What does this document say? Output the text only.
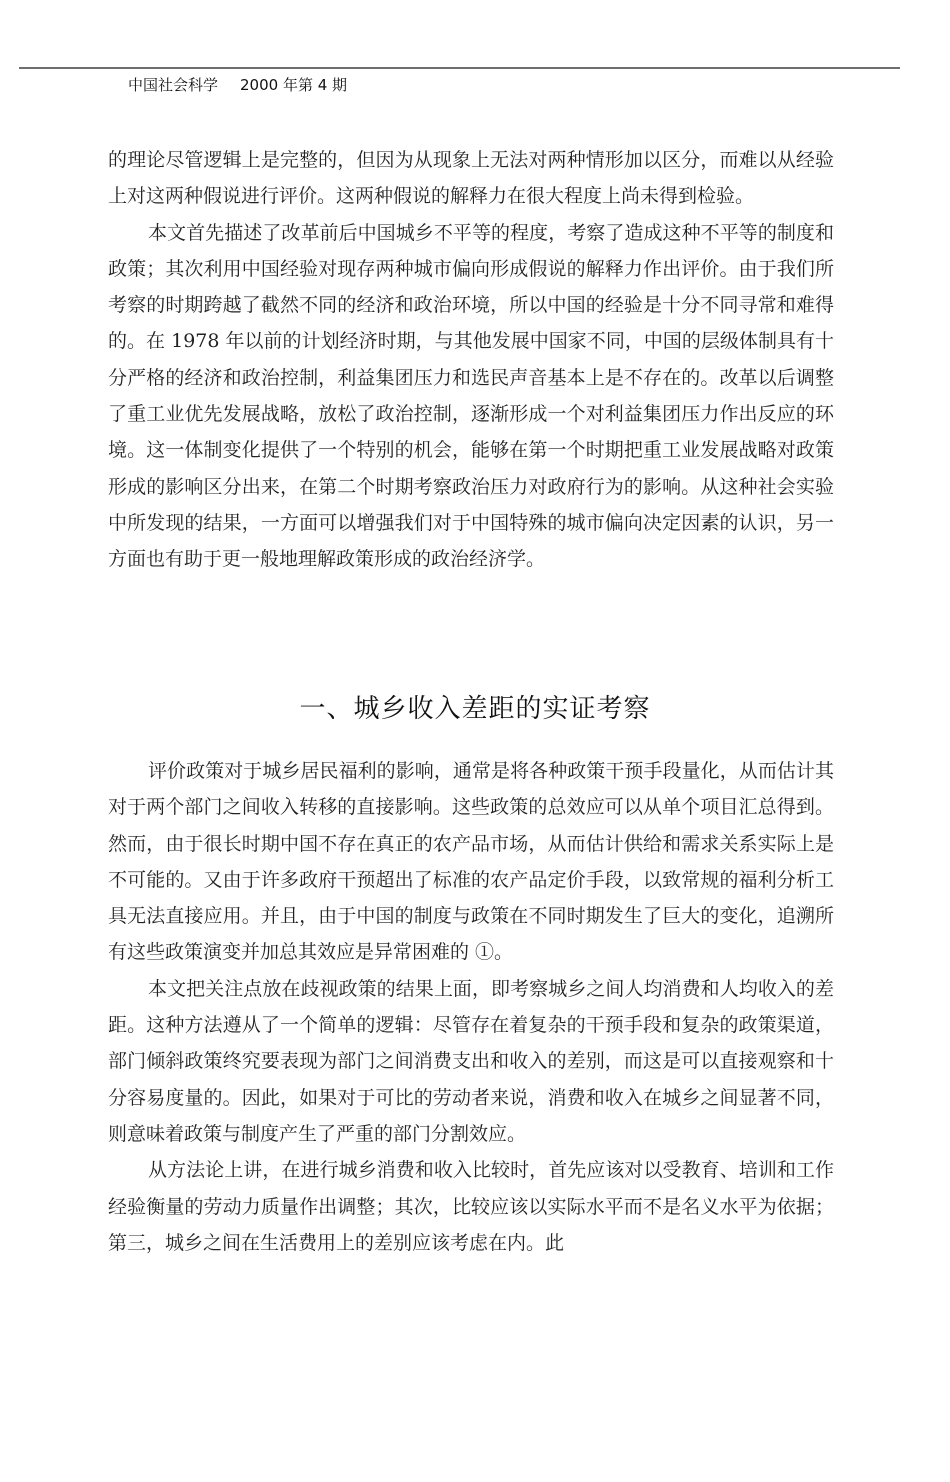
中国社会科学 2000 年第 4 期

的理论尽管逻辑上是完整的，但因为从现象上无法对两种情形加以区分，而难以从经验上对这两种假说进行评价。这两种假说的解释力在很大程度上尚未得到检验。

本文首先描述了改革前后中国城乡不平等的程度，考察了造成这种不平等的制度和政策；其次利用中国经验对现存两种城市偏向形成假说的解释力作出评价。由于我们所考察的时期跨越了截然不同的经济和政治环境，所以中国的经验是十分不同寻常和难得的。在 1978 年以前的计划经济时期，与其他发展中国家不同，中国的层级体制具有十分严格的经济和政治控制，利益集团压力和选民声音基本上是不存在的。改革以后调整了重工业优先发展战略，放松了政治控制，逐渐形成一个对利益集团压力作出反应的环境。这一体制变化提供了一个特别的机会，能够在第一个时期把重工业发展战略对政策形成的影响区分出来，在第二个时期考察政治压力对政府行为的影响。从这种社会实验中所发现的结果，一方面可以增强我们对于中国特殊的城市偏向决定因素的认识，另一方面也有助于更一般地理解政策形成的政治经济学。

一、城乡收入差距的实证考察

评价政策对于城乡居民福利的影响，通常是将各种政策干预手段量化，从而估计其对于两个部门之间收入转移的直接影响。这些政策的总效应可以从单个项目汇总得到。然而，由于很长时期中国不存在真正的农产品市场，从而估计供给和需求关系实际上是不可能的。又由于许多政府干预超出了标准的农产品定价手段，以致常规的福利分析工具无法直接应用。并且，由于中国的制度与政策在不同时期发生了巨大的变化，追溯所有这些政策演变并加总其效应是异常困难的 ①。

本文把关注点放在歧视政策的结果上面，即考察城乡之间人均消费和人均收入的差距。这种方法遵从了一个简单的逻辑：尽管存在着复杂的干预手段和复杂的政策渠道，部门倾斜政策终究要表现为部门之间消费支出和收入的差别，而这是可以直接观察和十分容易度量的。因此，如果对于可比的劳动者来说，消费和收入在城乡之间显著不同，则意味着政策与制度产生了严重的部门分割效应。

从方法论上讲，在进行城乡消费和收入比较时，首先应该对以受教育、培训和工作经验衡量的劳动力质量作出调整；其次，比较应该以实际水平而不是名义水平为依据；第三，城乡之间在生活费用上的差别应该考虑在内。此
